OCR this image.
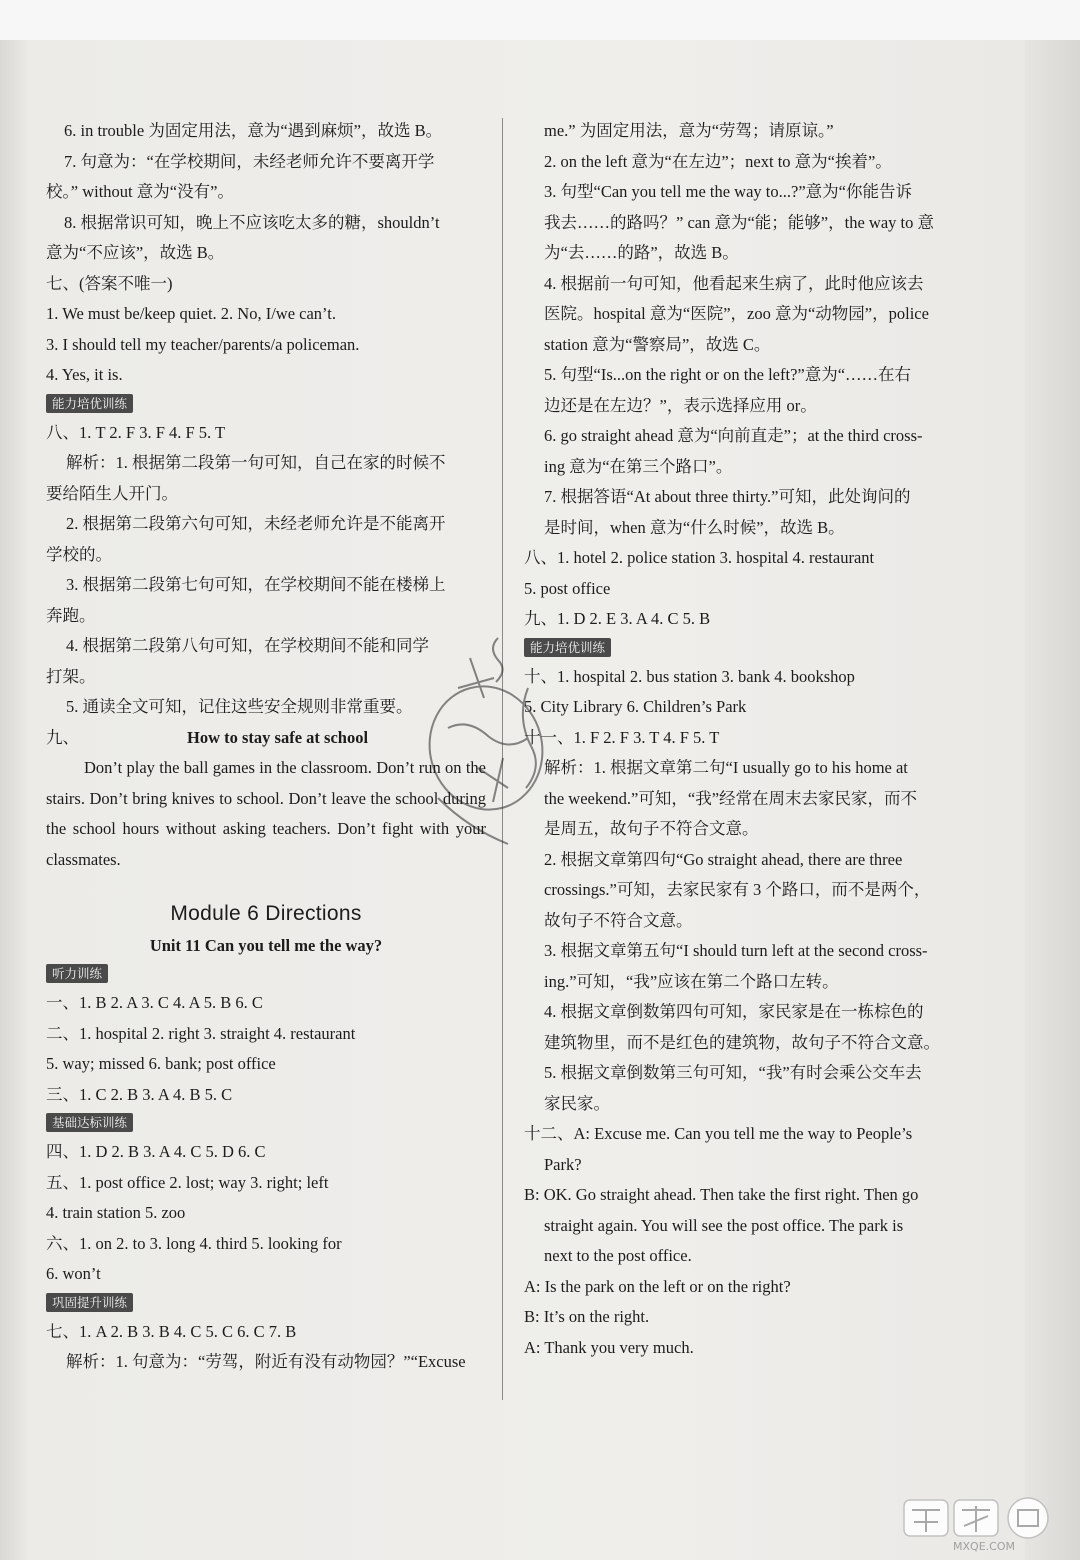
6. in trouble 为固定用法，意为“遇到麻烦”，故选 B。
7. 句意为：“在学校期间，未经老师允许不要离开学
校。” without 意为“没有”。
8. 根据常识可知，晚上不应该吃太多的糖，shouldn’t
意为“不应该”，故选 B。
七、(答案不唯一)
1. We must be/keep quiet. 2. No, I/we can’t.
3. I should tell my teacher/parents/a policeman.
4. Yes, it is.
能力培优训练
八、1. T 2. F 3. F 4. F 5. T
解析：1. 根据第二段第一句可知，自己在家的时候不
要给陌生人开门。
2. 根据第二段第六句可知，未经老师允许是不能离开
学校的。
3. 根据第二段第七句可知，在学校期间不能在楼梯上
奔跑。
4. 根据第二段第八句可知，在学校期间不能和同学
打架。
5. 通读全文可知，记住这些安全规则非常重要。
九、	How to stay safe at school
Don’t play the ball games in the classroom. Don’t run on the stairs. Don’t bring knives to school. Don’t leave the school during the school hours without asking teachers. Don’t fight with your classmates.
Module 6 Directions
Unit 11 Can you tell me the way?
听力训练
一、1. B 2. A 3. C 4. A 5. B 6. C
二、1. hospital 2. right 3. straight 4. restaurant
5. way; missed 6. bank; post office
三、1. C 2. B 3. A 4. B 5. C
基础达标训练
四、1. D 2. B 3. A 4. C 5. D 6. C
五、1. post office 2. lost; way 3. right; left
4. train station 5. zoo
六、1. on 2. to 3. long 4. third 5. looking for
6. won’t
巩固提升训练
七、1. A 2. B 3. B 4. C 5. C 6. C 7. B
解析：1. 句意为：“劳驾，附近有没有动物园？”“Excuse
me.” 为固定用法，意为“劳驾；请原谅。”
2. on the left 意为“在左边”；next to 意为“挨着”。
3. 句型“Can you tell me the way to...?”意为“你能告诉
我去……的路吗？” can 意为“能；能够”，the way to 意
为“去……的路”，故选 B。
4. 根据前一句可知，他看起来生病了，此时他应该去
医院。hospital 意为“医院”，zoo 意为“动物园”，police
station 意为“警察局”，故选 C。
5. 句型“Is...on the right or on the left?”意为“……在右
边还是在左边？”，表示选择应用 or。
6. go straight ahead 意为“向前直走”；at the third cross-
ing 意为“在第三个路口”。
7. 根据答语“At about three thirty.”可知，此处询问的
是时间，when 意为“什么时候”，故选 B。
八、1. hotel 2. police station 3. hospital 4. restaurant
5. post office
九、1. D 2. E 3. A 4. C 5. B
能力培优训练
十、1. hospital 2. bus station 3. bank 4. bookshop
5. City Library 6. Children’s Park
十一、1. F 2. F 3. T 4. F 5. T
解析：1. 根据文章第二句“I usually go to his home at
the weekend.”可知，“我”经常在周末去家民家，而不
是周五，故句子不符合文意。
2. 根据文章第四句“Go straight ahead, there are three
crossings.”可知，去家民家有 3 个路口，而不是两个，
故句子不符合文意。
3. 根据文章第五句“I should turn left at the second cross-
ing.”可知，“我”应该在第二个路口左转。
4. 根据文章倒数第四句可知，家民家是在一栋棕色的
建筑物里，而不是红色的建筑物，故句子不符合文意。
5. 根据文章倒数第三句可知，“我”有时会乘公交车去
家民家。
十二、A: Excuse me. Can you tell me the way to People’s
Park?
B: OK. Go straight ahead. Then take the first right. Then go
straight again. You will see the post office. The park is
next to the post office.
A: Is the park on the left or on the right?
B: It’s on the right.
A: Thank you very much.
MXQE.COM
